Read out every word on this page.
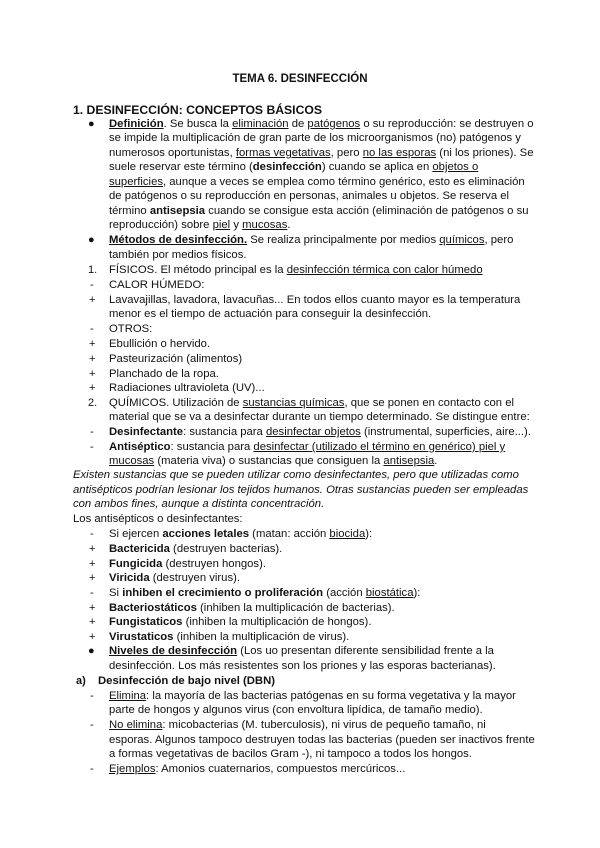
TEMA 6. DESINFECCIÓN
1. DESINFECCIÓN: CONCEPTOS BÁSICOS
● Definición. Se busca la eliminación de patógenos o su reproducción: se destruyen o
se impide la multiplicación de gran parte de los microorganismos (no) patógenos y
numerosos oportunistas, formas vegetativas, pero no las esporas (ni los priones). Se
suele reservar este término (desinfección) cuando se aplica en objetos o
superficies, aunque a veces se emplea como término genérico, esto es eliminación
de patógenos o su reproducción en personas, animales u objetos. Se reserva el
término antisepsia cuando se consigue esta acción (eliminación de patógenos o su
reproducción) sobre piel y mucosas.
● Métodos de desinfección. Se realiza principalmente por medios químicos, pero
también por medios físicos.
1. FÍSICOS. El método principal es la desinfección térmica con calor húmedo
- CALOR HÚMEDO:
+ Lavavajillas, lavadora, lavacuñas... En todos ellos cuanto mayor es la temperatura
menor es el tiempo de actuación para conseguir la desinfección.
- OTROS:
+ Ebullición o hervido.
+ Pasteurización (alimentos)
+ Planchado de la ropa.
+ Radiaciones ultravioleta (UV)...
2. QUÍMICOS. Utilización de sustancias químicas, que se ponen en contacto con el
material que se va a desinfectar durante un tiempo determinado. Se distingue entre:
- Desinfectante: sustancia para desinfectar objetos (instrumental, superficies, aire...).
- Antiséptico: sustancia para desinfectar (utilizado el término en genérico) piel y
mucosas (materia viva) o sustancias que consiguen la antisepsia.
Existen sustancias que se pueden utilizar como desinfectantes, pero que utilizadas como
antisépticos podrían lesionar los tejidos humanos. Otras sustancias pueden ser empleadas
con ambos fines, aunque a distinta concentración.
Los antisépticos o desinfectantes:
- Si ejercen acciones letales (matan: acción biocida):
+ Bactericida (destruyen bacterias).
+ Fungicida (destruyen hongos).
+ Viricida (destruyen virus).
- Si inhiben el crecimiento o proliferación (acción biostática):
+ Bacteriostáticos (inhiben la multiplicación de bacterias).
+ Fungistaticos (inhiben la multiplicación de hongos).
+ Virustaticos (inhiben la multiplicación de virus).
● Niveles de desinfección (Los uo presentan diferente sensibilidad frente a la
desinfección. Los más resistentes son los priones y las esporas bacterianas).
a) Desinfección de bajo nivel (DBN)
- Elimina: la mayoría de las bacterias patógenas en su forma vegetativa y la mayor
parte de hongos y algunos virus (con envoltura lipídica, de tamaño medio).
- No elimina: micobacterias (M. tuberculosis), ni virus de pequeño tamaño, ni
esporas. Algunos tampoco destruyen todas las bacterias (pueden ser inactivos frente
a formas vegetativas de bacilos Gram -), ni tampoco a todos los hongos.
- Ejemplos: Amonios cuaternarios, compuestos mercúricos...
